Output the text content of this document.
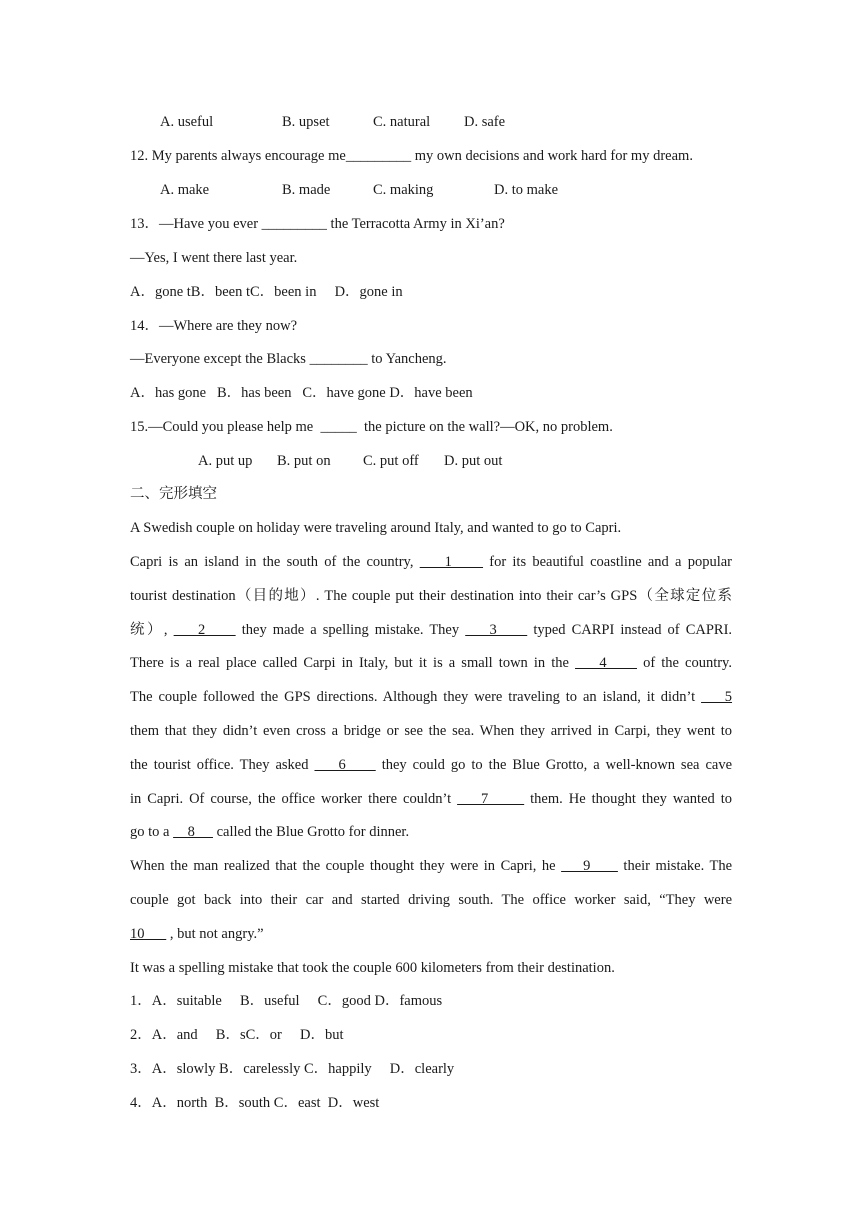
A. useful	B. upset	C. natural D. safe
12. My parents always encourage me_________ my own decisions and work hard for my dream.
A. make	B. made	C. making	D. to make
13．—Have you ever _________ the Terracotta Army in Xi’an?
—Yes, I went there last year.
A．gone tB．been tC．been in     D．gone in
14．—Where are they now?
—Everyone except the Blacks ________ to Yancheng.
A．has gone   B．has been   C．have gone D．have been
15.—Could you please help me  _____  the picture on the wall?—OK, no problem.
A. put up B. put on C. put off D. put out
二、完形填空
A Swedish couple on holiday were traveling around Italy, and wanted to go to Capri.
Capri is an island in the south of the country,     1      for its beautiful coastline and a popular
tourist destination（目的地）. The couple put their destination into their car’s GPS（全球定位系
统）,     2      they made a spelling mistake. They     3      typed CARPI instead of CAPRI.
There is a real place called Carpi in Italy, but it is a small town in the     4      of the country.
The couple followed the GPS directions. Although they were traveling to an island, it didn’t     5
them that they didn’t even cross a bridge or see the sea. When they arrived in Carpi, they went to
the tourist office. They asked     6      they could go to the Blue Grotto, a well-known sea cave
in Capri. Of course, the office worker there couldn’t     7       them. He thought they wanted to
go to a     8      called the Blue Grotto for dinner.
When the man realized that the couple thought they were in Capri, he     9      their mistake. The
couple got back into their car and started driving south. The office worker said, “They were
10       , but not angry.”
It was a spelling mistake that took the couple 600 kilometers from their destination.
1．A．suitable     B．useful     C．good D．famous
2．A．and     B．sC．or     D．but
3．A．slowly B．carelessly C．happily     D．clearly
4．A．north  B．south C．east  D．west
